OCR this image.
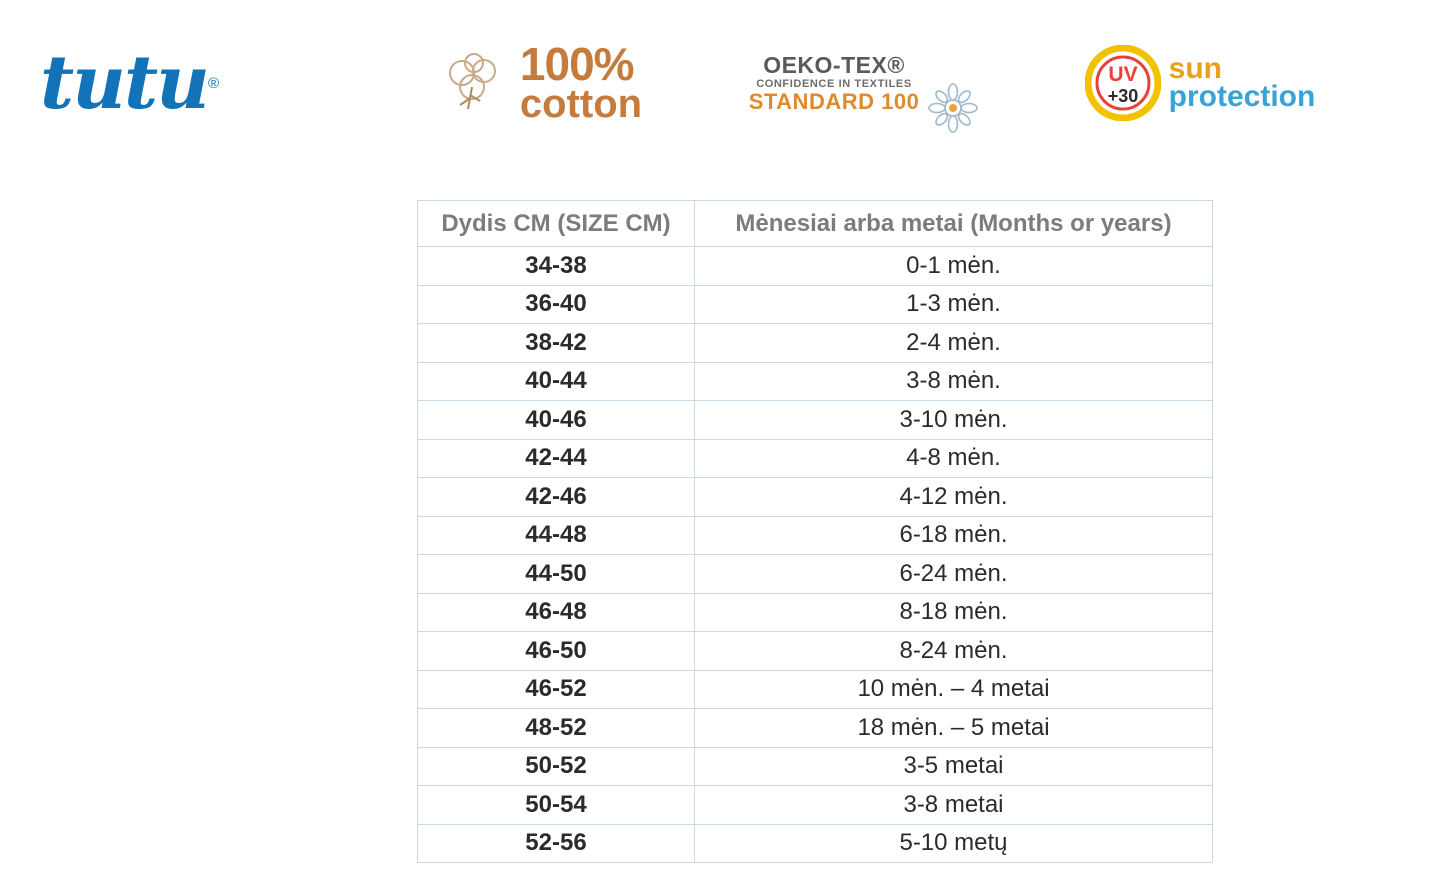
tutu ®	100%
cotton
OEKO-TEX®
CONFIDENCE IN TEXTILES
STANDARD 100
UV
+30
sun
protection
Dydis CM (SIZE CM)	Mėnesiai arba metai (Months or years)
34-38	0-1 mėn.
36-40	1-3 mėn.
38-42	2-4 mėn.
40-44	3-8 mėn.
40-46	3-10 mėn.
42-44	4-8 mėn.
42-46	4-12 mėn.
44-48	6-18 mėn.
44-50	6-24 mėn.
46-48	8-18 mėn.
46-50	8-24 mėn.
46-52	10 mėn. – 4 metai
48-52	18 mėn. – 5 metai
50-52	3-5 metai
50-54	3-8 metai
52-56	5-10 metų
